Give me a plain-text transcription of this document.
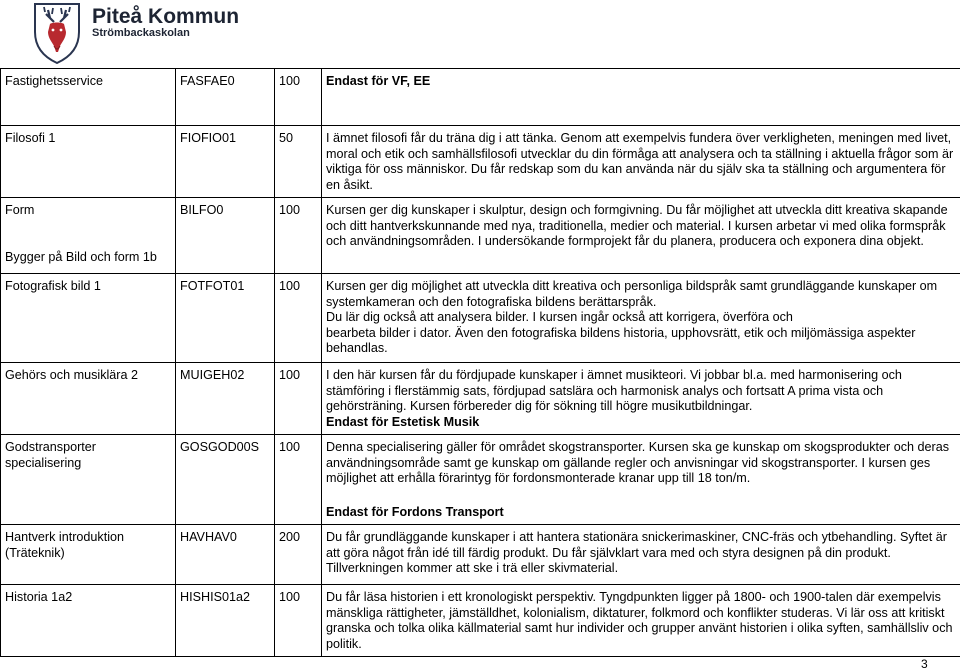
Piteå Kommun
Strömbackaskolan
Fastighetsservice	FASFAE0	100	Endast för VF, EE
Filosofi 1	FIOFIO01	50	I ämnet filosofi får du träna dig i att tänka. Genom att exempelvis fundera över verkligheten, meningen med livet, moral och etik och samhällsfilosofi utvecklar du din förmåga att analysera och ta ställning i aktuella frågor som är viktiga för oss människor. Du får redskap som du kan använda när du själv ska ta ställning och argumentera för en åsikt.

Form
Bygger på Bild och form 1b	BILFO0	100	Kursen ger dig kunskaper i skulptur, design och formgivning. Du får möjlighet att utveckla ditt kreativa skapande och ditt hantverkskunnande med nya, traditionella, medier och material. I kursen arbetar vi med olika formspråk och användningsområden. I undersökande formprojekt får du planera, producera och exponera dina objekt.
Fotografisk bild 1	FOTFOT01	100	Kursen ger dig möjlighet att utveckla ditt kreativa och personliga bildspråk samt grundläggande kunskaper om systemkameran och den fotografiska bildens berättarspråk.
Du lär dig också att analysera bilder. I kursen ingår också att korrigera, överföra och
bearbeta bilder i dator. Även den fotografiska bildens historia, upphovsrätt, etik och miljömässiga aspekter behandlas.

Gehörs och musiklära 2	MUIGEH02	100	I den här kursen får du fördjupade kunskaper i ämnet musikteori. Vi jobbar bl.a. med harmonisering och stämföring i flerstämmig sats, fördjupad satslära och harmonisk analys och fortsatt A prima vista och gehörsträning. Kursen förbereder dig för sökning till högre musikutbildningar.
Endast för Estetisk Musik

Godstransporter specialisering	GOSGOD00S	100	Denna specialisering gäller för området skogstransporter. Kursen ska ge kunskap om skogsprodukter och deras användningsområde samt ge kunskap om gällande regler och anvisningar vid skogstransporter. I kursen ges möjlighet att erhålla förarintyg för fordonsmonterade kranar upp till 18 ton/m.
Endast för Fordons Transport

Hantverk introduktion (Träteknik)	HAVHAV0	200	Du får grundläggande kunskaper i att hantera stationära snickerimaskiner, CNC-fräs och ytbehandling. Syftet är att göra något från idé till färdig produkt. Du får självklart vara med och styra designen på din produkt. Tillverkningen kommer att ske i trä eller skivmaterial.
Historia 1a2	HISHIS01a2	100	Du får läsa historien i ett kronologiskt perspektiv. Tyngdpunkten ligger på 1800- och 1900-talen där exempelvis mänskliga rättigheter, jämställdhet, kolonialism, diktaturer, folkmord och konflikter studeras. Vi lär oss att kritiskt granska och tolka olika källmaterial samt hur individer och grupper använt historien i olika syften, samhällsliv och politik.
3
